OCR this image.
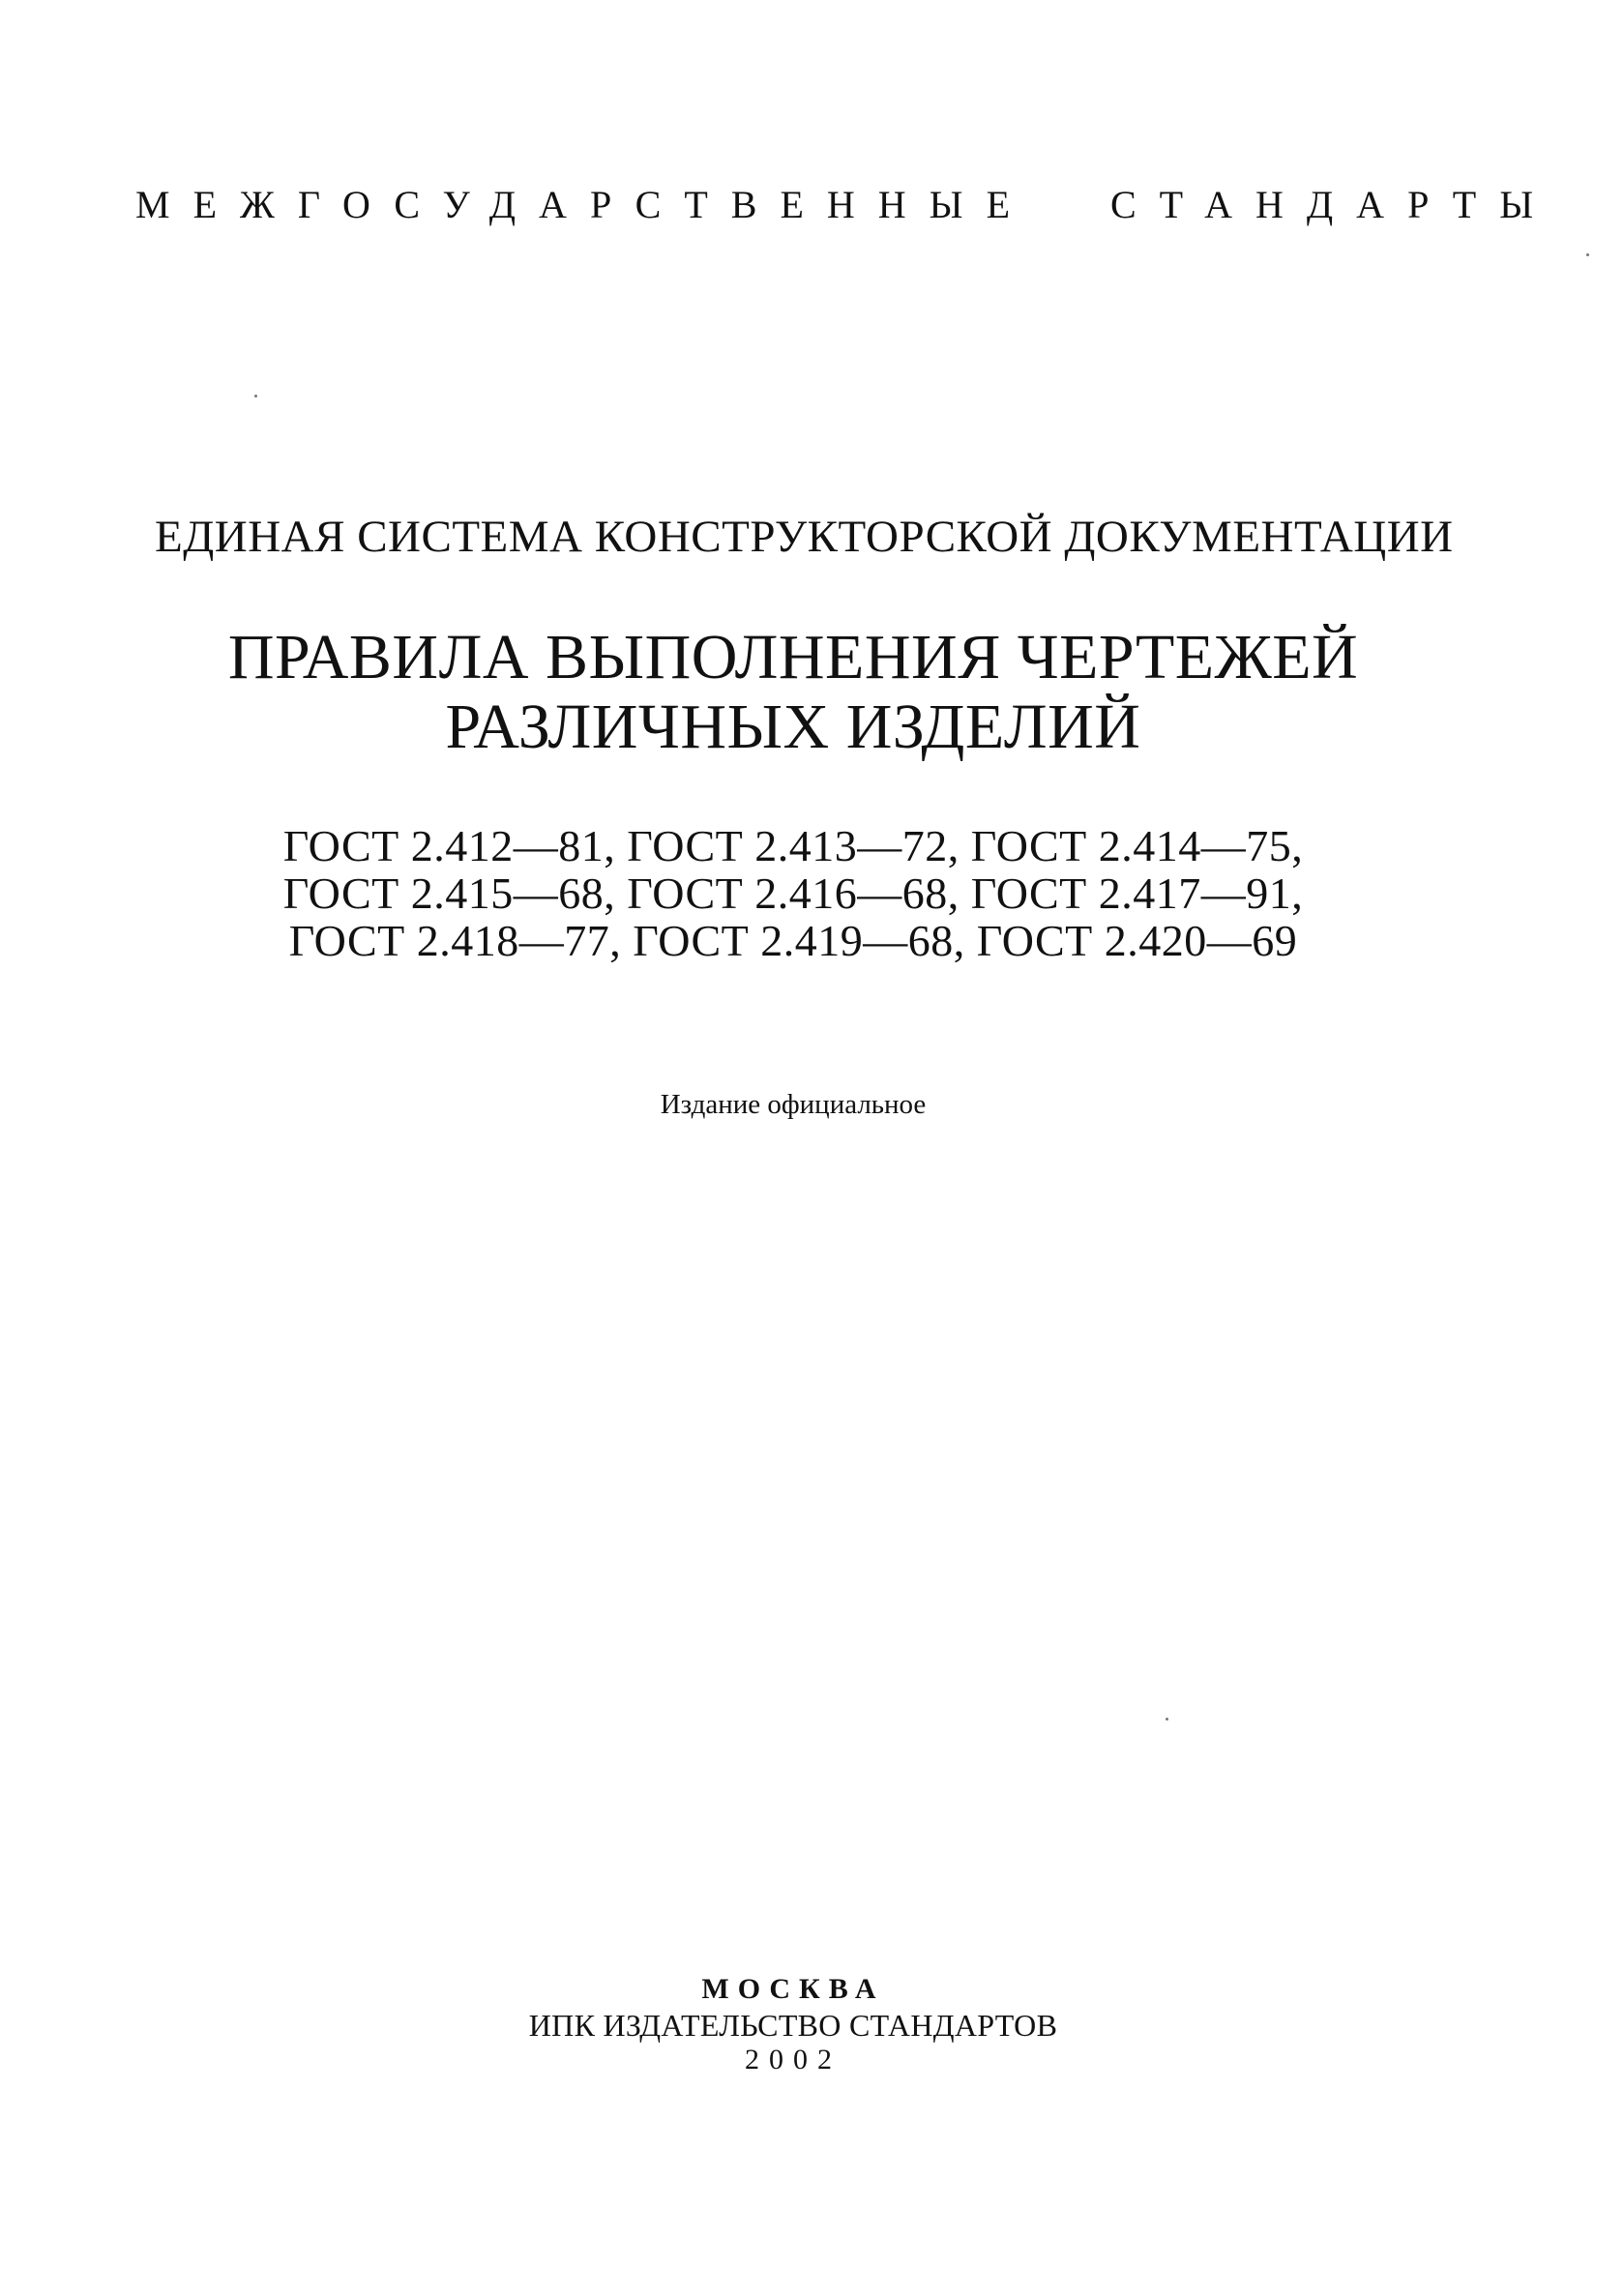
МЕЖГОСУДАРСТВЕННЫЕ СТАНДАРТЫ

ЕДИНАЯ СИСТЕМА КОНСТРУКТОРСКОЙ ДОКУМЕНТАЦИИ

ПРАВИЛА ВЫПОЛНЕНИЯ ЧЕРТЕЖЕЙ

РАЗЛИЧНЫХ ИЗДЕЛИЙ

ГОСТ 2.412—81, ГОСТ 2.413—72, ГОСТ 2.414—75,

ГОСТ 2.415—68, ГОСТ 2.416—68, ГОСТ 2.417—91,

ГОСТ 2.418—77, ГОСТ 2.419—68, ГОСТ 2.420—69

Издание официальное

МОСКВА

ИПК ИЗДАТЕЛЬСТВО СТАНДАРТОВ

2002
